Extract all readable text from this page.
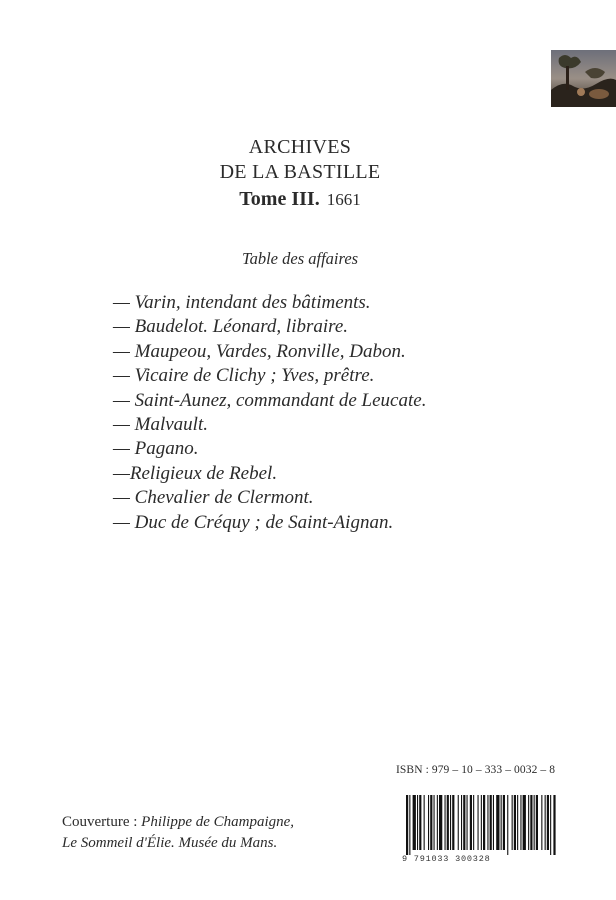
ARCHIVES
DE LA BASTILLE
Tome III. 1661
Table des affaires
— Varin, intendant des bâtiments.
— Baudelot. Léonard, libraire.
— Maupeou, Vardes, Ronville, Dabon.
— Vicaire de Clichy ; Yves, prêtre.
— Saint-Aunez, commandant de Leucate.
— Malvault.
— Pagano.
—Religieux de Rebel.
— Chevalier de Clermont.
— Duc de Créquy ; de Saint-Aignan.
ISBN : 979 – 10 – 333 – 0032 – 8
Couverture : Philippe de Champaigne,
Le Sommeil d'Élie. Musée du Mans.
9 791033 300328
